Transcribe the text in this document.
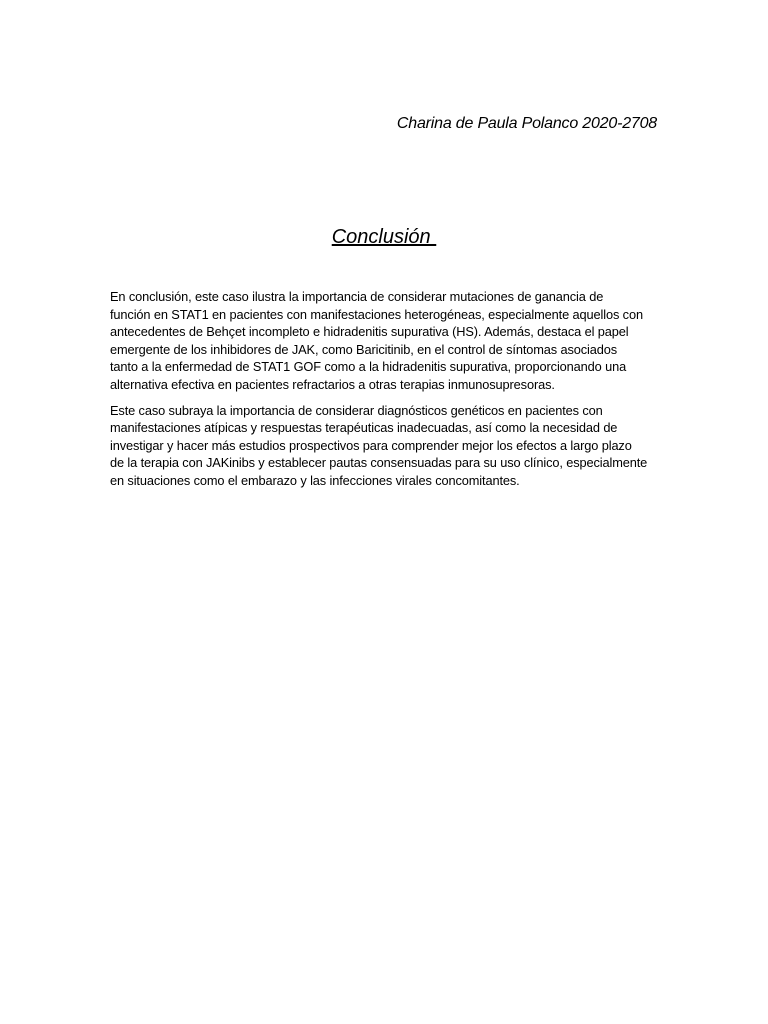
Charina de Paula Polanco 2020-2708
Conclusión

En conclusión, este caso ilustra la importancia de considerar mutaciones de ganancia de
función en STAT1 en pacientes con manifestaciones heterogéneas, especialmente aquellos con
antecedentes de Behçet incompleto e hidradenitis supurativa (HS). Además, destaca el papel
emergente de los inhibidores de JAK, como Baricitinib, en el control de síntomas asociados
tanto a la enfermedad de STAT1 GOF como a la hidradenitis supurativa, proporcionando una
alternativa efectiva en pacientes refractarios a otras terapias inmunosupresoras.

Este caso subraya la importancia de considerar diagnósticos genéticos en pacientes con
manifestaciones atípicas y respuestas terapéuticas inadecuadas, así como la necesidad de
investigar y hacer más estudios prospectivos para comprender mejor los efectos a largo plazo
de la terapia con JAKinibs y establecer pautas consensuadas para su uso clínico, especialmente
en situaciones como el embarazo y las infecciones virales concomitantes.
